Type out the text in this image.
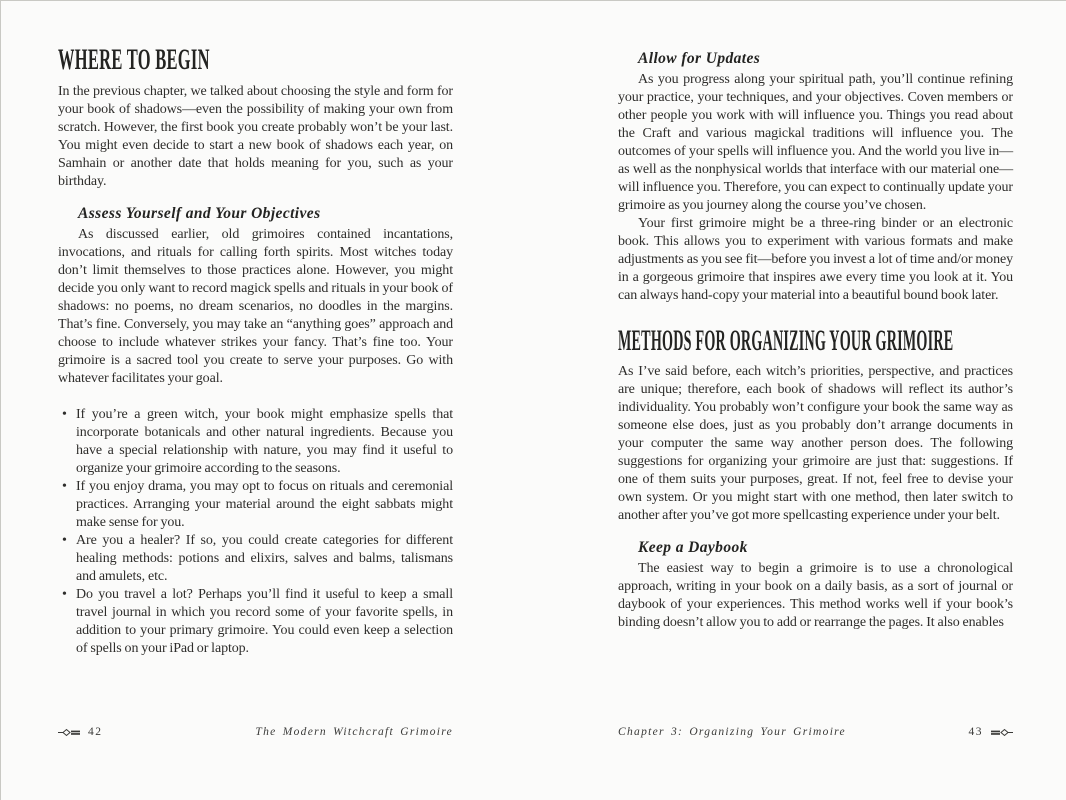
WHERE TO BEGIN

In the previous chapter, we talked about choosing the style and form for your book of shadows—even the possibility of making your own from scratch. However, the first book you create probably won’t be your last. You might even decide to start a new book of shadows each year, on Samhain or another date that holds meaning for you, such as your birthday.

Assess Yourself and Your Objectives

As discussed earlier, old grimoires contained incantations, invocations, and rituals for calling forth spirits. Most witches today don’t limit themselves to those practices alone. However, you might decide you only want to record magick spells and rituals in your book of shadows: no poems, no dream scenarios, no doodles in the margins. That’s fine. Conversely, you may take an “anything goes” approach and choose to include whatever strikes your fancy. That’s fine too. Your grimoire is a sacred tool you create to serve your purposes. Go with whatever facilitates your goal.

• If you’re a green witch, your book might emphasize spells that incorporate botanicals and other natural ingredients. Because you have a special relationship with nature, you may find it useful to organize your grimoire according to the seasons.
• If you enjoy drama, you may opt to focus on rituals and ceremonial practices. Arranging your material around the eight sabbats might make sense for you.
• Are you a healer? If so, you could create categories for different healing methods: potions and elixirs, salves and balms, talismans and amulets, etc.
• Do you travel a lot? Perhaps you’ll find it useful to keep a small travel journal in which you record some of your favorite spells, in addition to your primary grimoire. You could even keep a selection of spells on your iPad or laptop.
Allow for Updates

As you progress along your spiritual path, you’ll continue refining your practice, your techniques, and your objectives. Coven members or other people you work with will influence you. Things you read about the Craft and various magickal traditions will influence you. The outcomes of your spells will influence you. And the world you live in—as well as the nonphysical worlds that interface with our material one—will influence you. Therefore, you can expect to continually update your grimoire as you journey along the course you’ve chosen.

Your first grimoire might be a three-ring binder or an electronic book. This allows you to experiment with various formats and make adjustments as you see fit—before you invest a lot of time and/or money in a gorgeous grimoire that inspires awe every time you look at it. You can always hand-copy your material into a beautiful bound book later.

METHODS FOR ORGANIZING YOUR GRIMOIRE

As I’ve said before, each witch’s priorities, perspective, and practices are unique; therefore, each book of shadows will reflect its author’s individuality. You probably won’t configure your book the same way as someone else does, just as you probably don’t arrange documents in your computer the same way another person does. The following suggestions for organizing your grimoire are just that: suggestions. If one of them suits your purposes, great. If not, feel free to devise your own system. Or you might start with one method, then later switch to another after you’ve got more spellcasting experience under your belt.

Keep a Daybook

The easiest way to begin a grimoire is to use a chronological approach, writing in your book on a daily basis, as a sort of journal or daybook of your experiences. This method works well if your book’s binding doesn’t allow you to add or rearrange the pages. It also enables

42	The Modern Witchcraft Grimoire	Chapter 3: Organizing Your Grimoire	43
